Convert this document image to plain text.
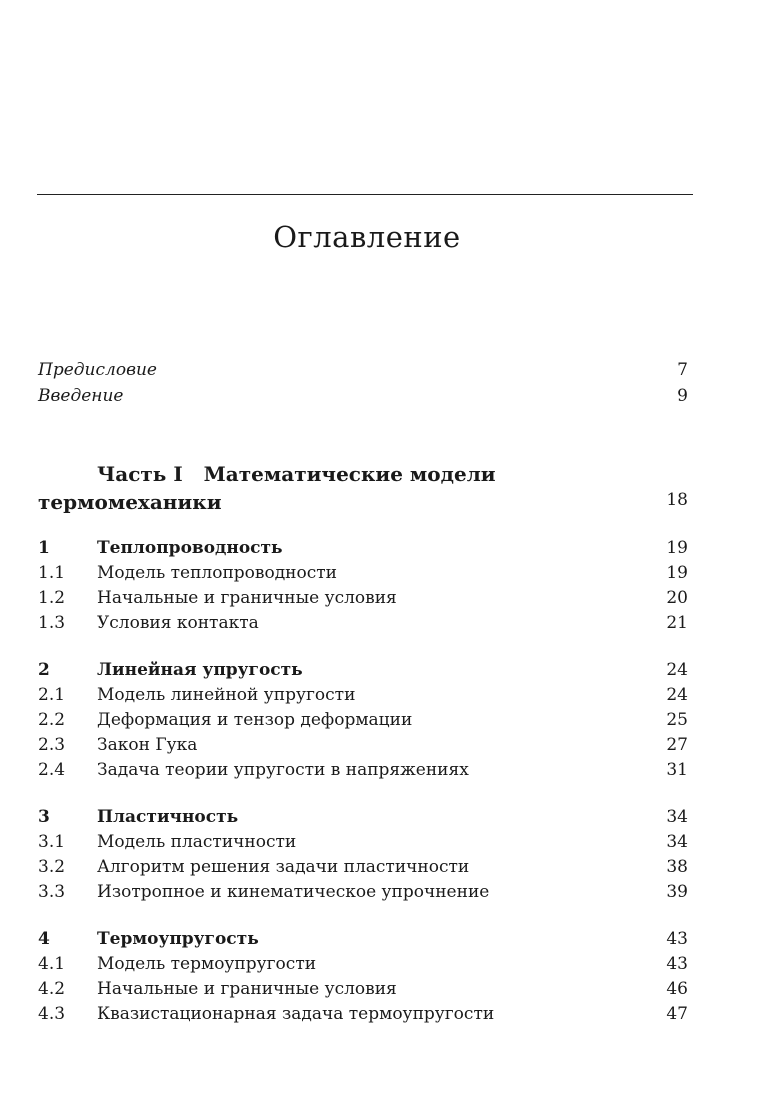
Оглавление
Предисловие	7
Введение	9
Часть I Математические модели
термомеханики	18
1	Теплопроводность	19
1.1 Модель теплопроводности	19
1.2 Начальные и граничные условия	20
1.3 Условия контакта	21
2	Линейная упругость	24
2.1 Модель линейной упругости	24
2.2 Деформация и тензор деформации	25
2.3 Закон Гука	27
2.4 Задача теории упругости в напряжениях	31
3	Пластичность	34
3.1 Модель пластичности	34
3.2 Алгоритм решения задачи пластичности	38
3.3 Изотропное и кинематическое упрочнение	39
4	Термоупругость	43
4.1 Модель термоупругости	43
4.2 Начальные и граничные условия	46
4.3 Квазистационарная задача термоупругости	47
